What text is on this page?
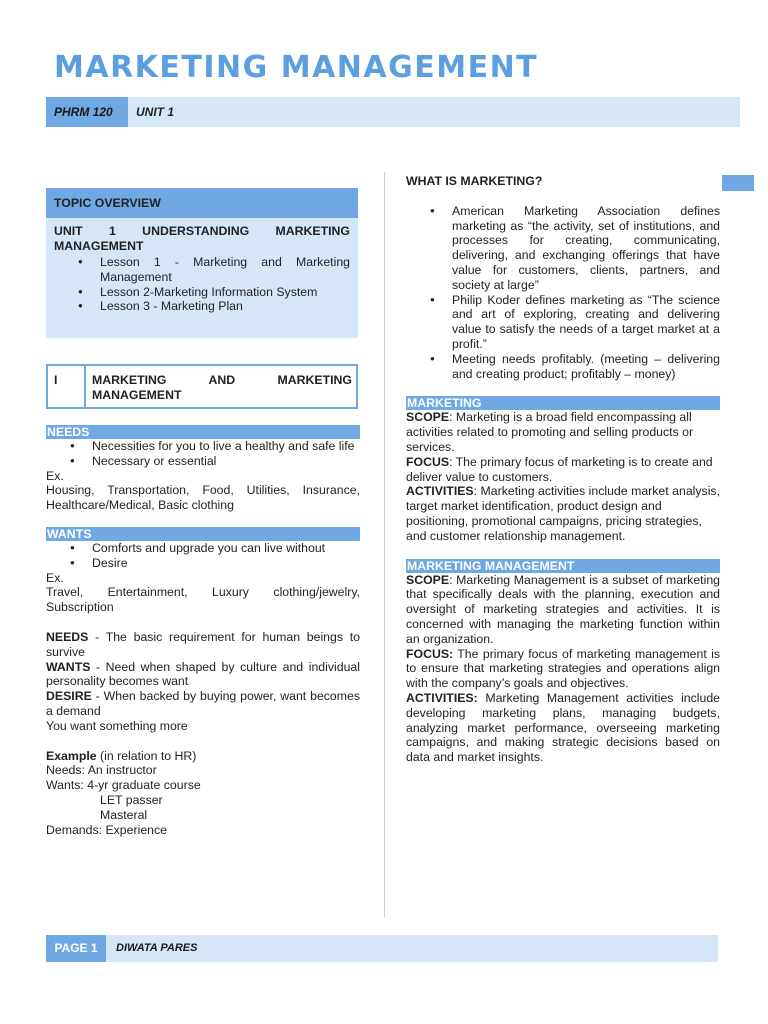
MARKETING MANAGEMENT
PHRM 120	UNIT 1
TOPIC OVERVIEW
UNIT 1 UNDERSTANDING MARKETING MANAGEMENT
● Lesson 1 - Marketing and Marketing Management
● Lesson 2-Marketing Information System
● Lesson 3 - Marketing Plan
I	MARKETING AND MARKETING MANAGEMENT
NEEDS
● Necessities for you to live a healthy and safe life
● Necessary or essential

Ex.

Housing, Transportation, Food, Utilities, Insurance, Healthcare/Medical, Basic clothing

WANTS
● Comforts and upgrade you can live without
● Desire

Ex.

Travel, Entertainment, Luxury clothing/jewelry, Subscription

NEEDS - The basic requirement for human beings to survive

WANTS - Need when shaped by culture and individual personality becomes want

DESIRE - When backed by buying power, want becomes a demand

You want something more

Example (in relation to HR)

Needs: An instructor

Wants: 4-yr graduate course

LET passer

Masteral

Demands: Experience

WHAT IS MARKETING?

● American Marketing Association defines marketing as “the activity, set of institutions, and processes for creating, communicating, delivering, and exchanging offerings that have value for customers, clients, partners, and society at large”
● Philip Koder defines marketing as “The science and art of exploring, creating and delivering value to satisfy the needs of a target market at a profit.”
● Meeting needs profitably. (meeting – delivering and creating product; profitably – money)
MARKETING

SCOPE: Marketing is a broad field encompassing all

activities related to promoting and selling products or

services.

FOCUS: The primary focus of marketing is to create and

deliver value to customers.

ACTIVITIES: Marketing activities include market analysis, target market identification, product design and

positioning, promotional campaigns, pricing strategies,

and customer relationship management.

MARKETING MANAGEMENT

SCOPE: Marketing Management is a subset of marketing that specifically deals with the planning, execution and oversight of marketing strategies and activities. It is concerned with managing the marketing function within an organization.

FOCUS: The primary focus of marketing management is to ensure that marketing strategies and operations align with the company’s goals and objectives.

ACTIVITIES: Marketing Management activities include developing marketing plans, managing budgets, analyzing market performance, overseeing marketing campaigns, and making strategic decisions based on data and market insights.

PAGE 1	DIWATA PARES
